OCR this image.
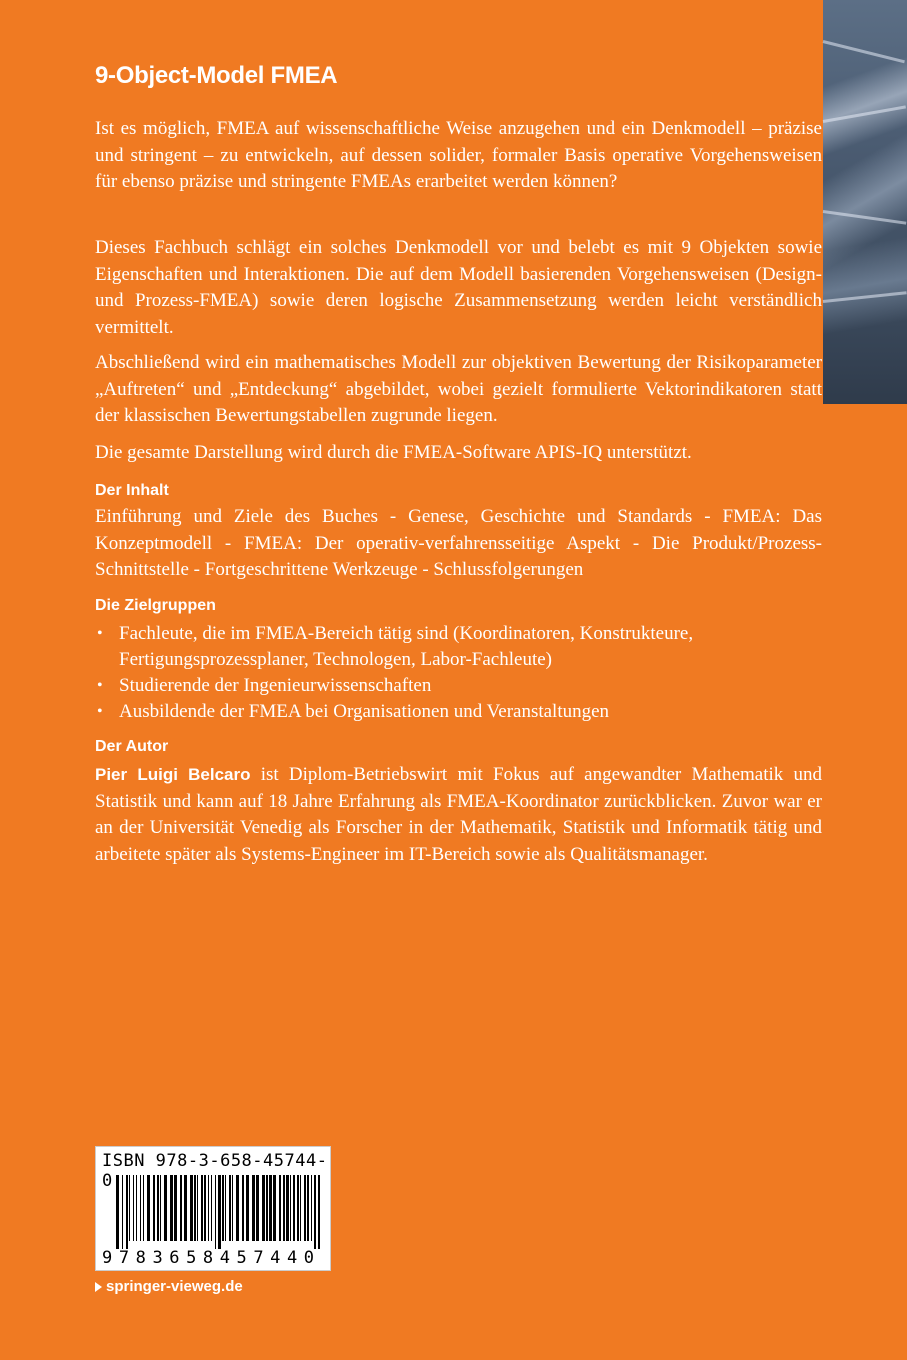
9-Object-Model FMEA

Ist es möglich, FMEA auf wissenschaftliche Weise anzugehen und ein Denkmodell – präzise und stringent – zu entwickeln, auf dessen solider, formaler Basis operative Vorgehensweisen für ebenso präzise und stringente FMEAs erarbeitet werden können?

Dieses Fachbuch schlägt ein solches Denkmodell vor und belebt es mit 9 Objekten sowie Eigenschaften und Interaktionen. Die auf dem Modell basierenden Vorgehensweisen (Design- und Prozess-FMEA) sowie deren logische Zusammensetzung werden leicht verständlich vermittelt.

Abschließend wird ein mathematisches Modell zur objektiven Bewertung der Risikoparameter „Auftreten“ und „Entdeckung“ abgebildet, wobei gezielt formulierte Vektorindikatoren statt der klassischen Bewertungstabellen zugrunde liegen.

Die gesamte Darstellung wird durch die FMEA-Software APIS-IQ unterstützt.

Der Inhalt

Einführung und Ziele des Buches - Genese, Geschichte und Standards - FMEA: Das Konzeptmodell - FMEA: Der operativ-verfahrensseitige Aspekt - Die Produkt/Prozess-Schnittstelle - Fortgeschrittene Werkzeuge - Schlussfolgerungen

Die Zielgruppen
• Fachleute, die im FMEA-Bereich tätig sind (Koordinatoren, Konstrukteure, Fertigungsprozessplaner, Technologen, Labor-Fachleute)
• Studierende der Ingenieurwissenschaften
• Ausbildende der FMEA bei Organisationen und Veranstaltungen
Der Autor

Pier Luigi Belcaro ist Diplom-Betriebswirt mit Fokus auf angewandter Mathematik und Statistik und kann auf 18 Jahre Erfahrung als FMEA-Koordinator zurückblicken. Zuvor war er an der Universität Venedig als Forscher in der Mathematik, Statistik und Informatik tätig und arbeitete später als Systems-Engineer im IT-Bereich sowie als Qualitätsmanager.

ISBN 978-3-658-45744-0
9783658457440
springer-vieweg.de
